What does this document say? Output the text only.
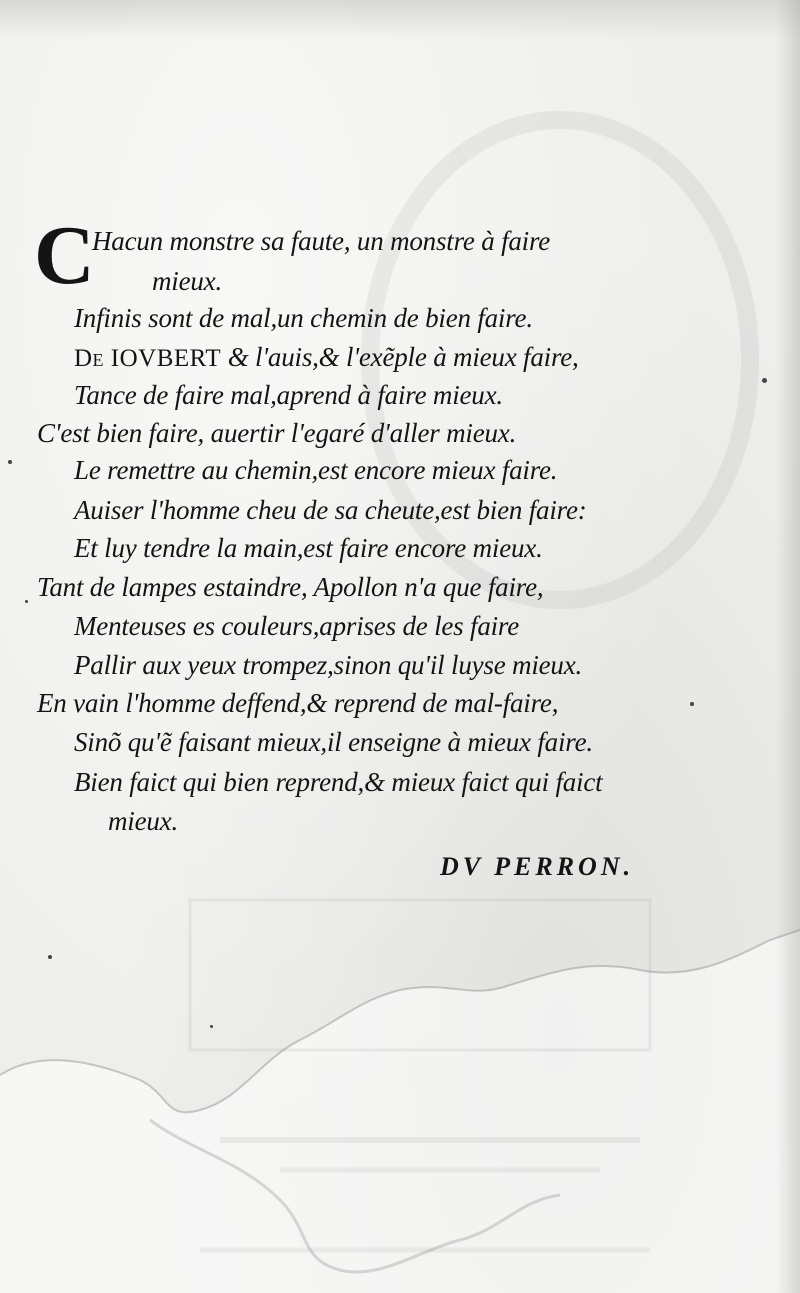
C
Hacun monstre sa faute, un monstre à faire
mieux.
Infinis sont de mal,un chemin de bien faire.
De IOVBERT & l'auis,& l'exẽple à mieux faire,
Tance de faire mal,aprend à faire mieux.
C'est bien faire, auertir l'egaré d'aller mieux.
Le remettre au chemin,est encore mieux faire.
Auiser l'homme cheu de sa cheute,est bien faire:
Et luy tendre la main,est faire encore mieux.
Tant de lampes estaindre, Apollon n'a que faire,
Menteuses es couleurs,aprises de les faire
Pallir aux yeux trompez,sinon qu'il luyse mieux.
En vain l'homme deffend,& reprend de mal-faire,
Sinõ qu'ẽ faisant mieux,il enseigne à mieux faire.
Bien faict qui bien reprend,& mieux faict qui faict
mieux.
DV PERRON.
